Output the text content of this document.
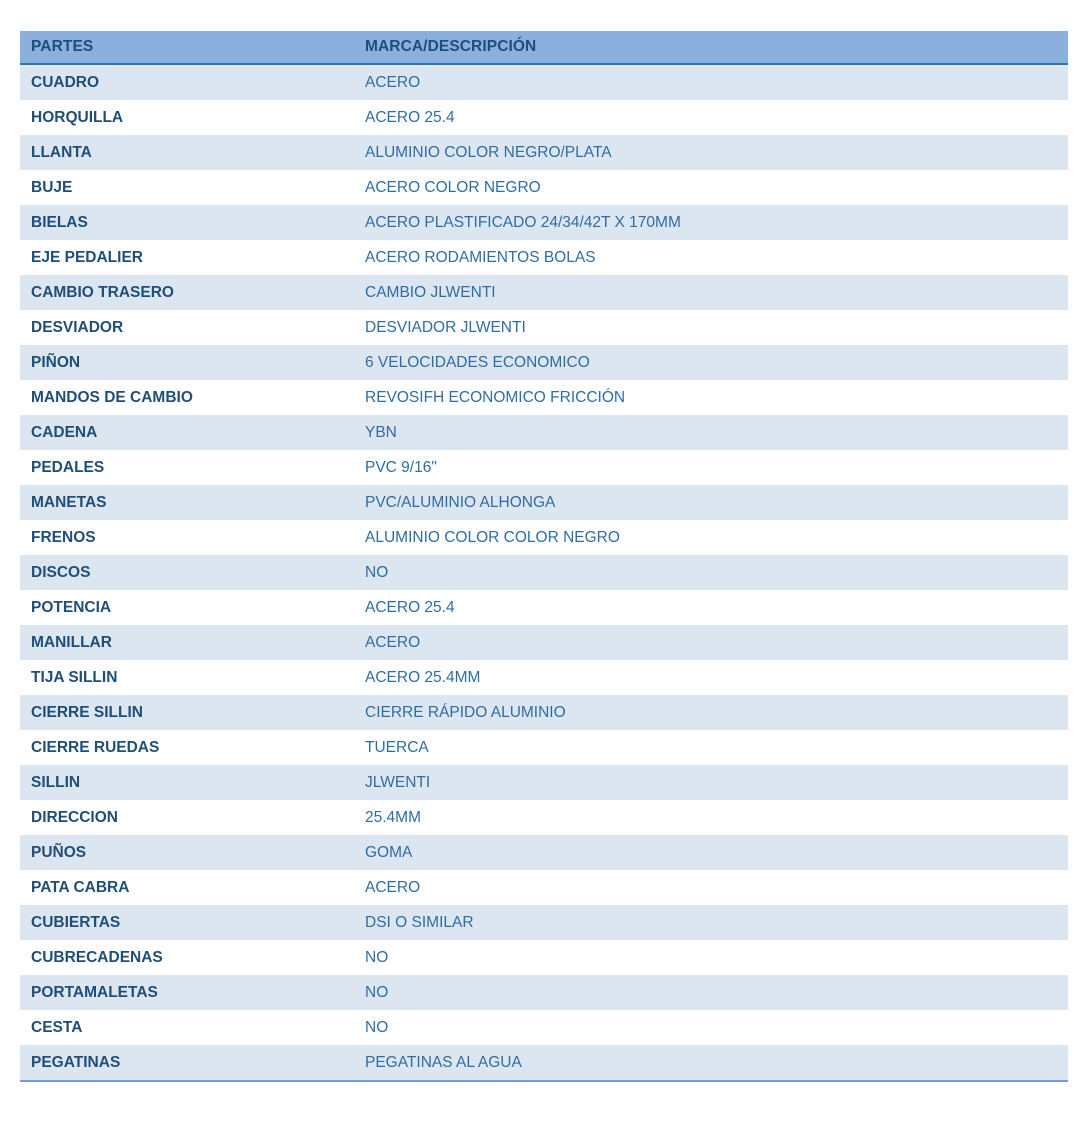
PARTES	MARCA/DESCRIPCIÓN
CUADRO	ACERO
HORQUILLA	ACERO 25.4
LLANTA	ALUMINIO COLOR NEGRO/PLATA
BUJE	ACERO COLOR NEGRO
BIELAS	ACERO PLASTIFICADO 24/34/42T X 170MM
EJE PEDALIER	ACERO RODAMIENTOS BOLAS
CAMBIO TRASERO	CAMBIO JLWENTI
DESVIADOR	DESVIADOR JLWENTI
PIÑON	6 VELOCIDADES ECONOMICO
MANDOS DE CAMBIO	REVOSIFH ECONOMICO FRICCIÓN
CADENA	YBN
PEDALES	PVC 9/16"
MANETAS	PVC/ALUMINIO ALHONGA
FRENOS	ALUMINIO COLOR COLOR NEGRO
DISCOS	NO
POTENCIA	ACERO 25.4
MANILLAR	ACERO
TIJA SILLIN	ACERO 25.4MM
CIERRE SILLIN	CIERRE RÁPIDO ALUMINIO
CIERRE RUEDAS	TUERCA
SILLIN	JLWENTI
DIRECCION	25.4MM
PUÑOS	GOMA
PATA CABRA	ACERO
CUBIERTAS	DSI O SIMILAR
CUBRECADENAS	NO
PORTAMALETAS	NO
CESTA	NO
PEGATINAS	PEGATINAS AL AGUA
